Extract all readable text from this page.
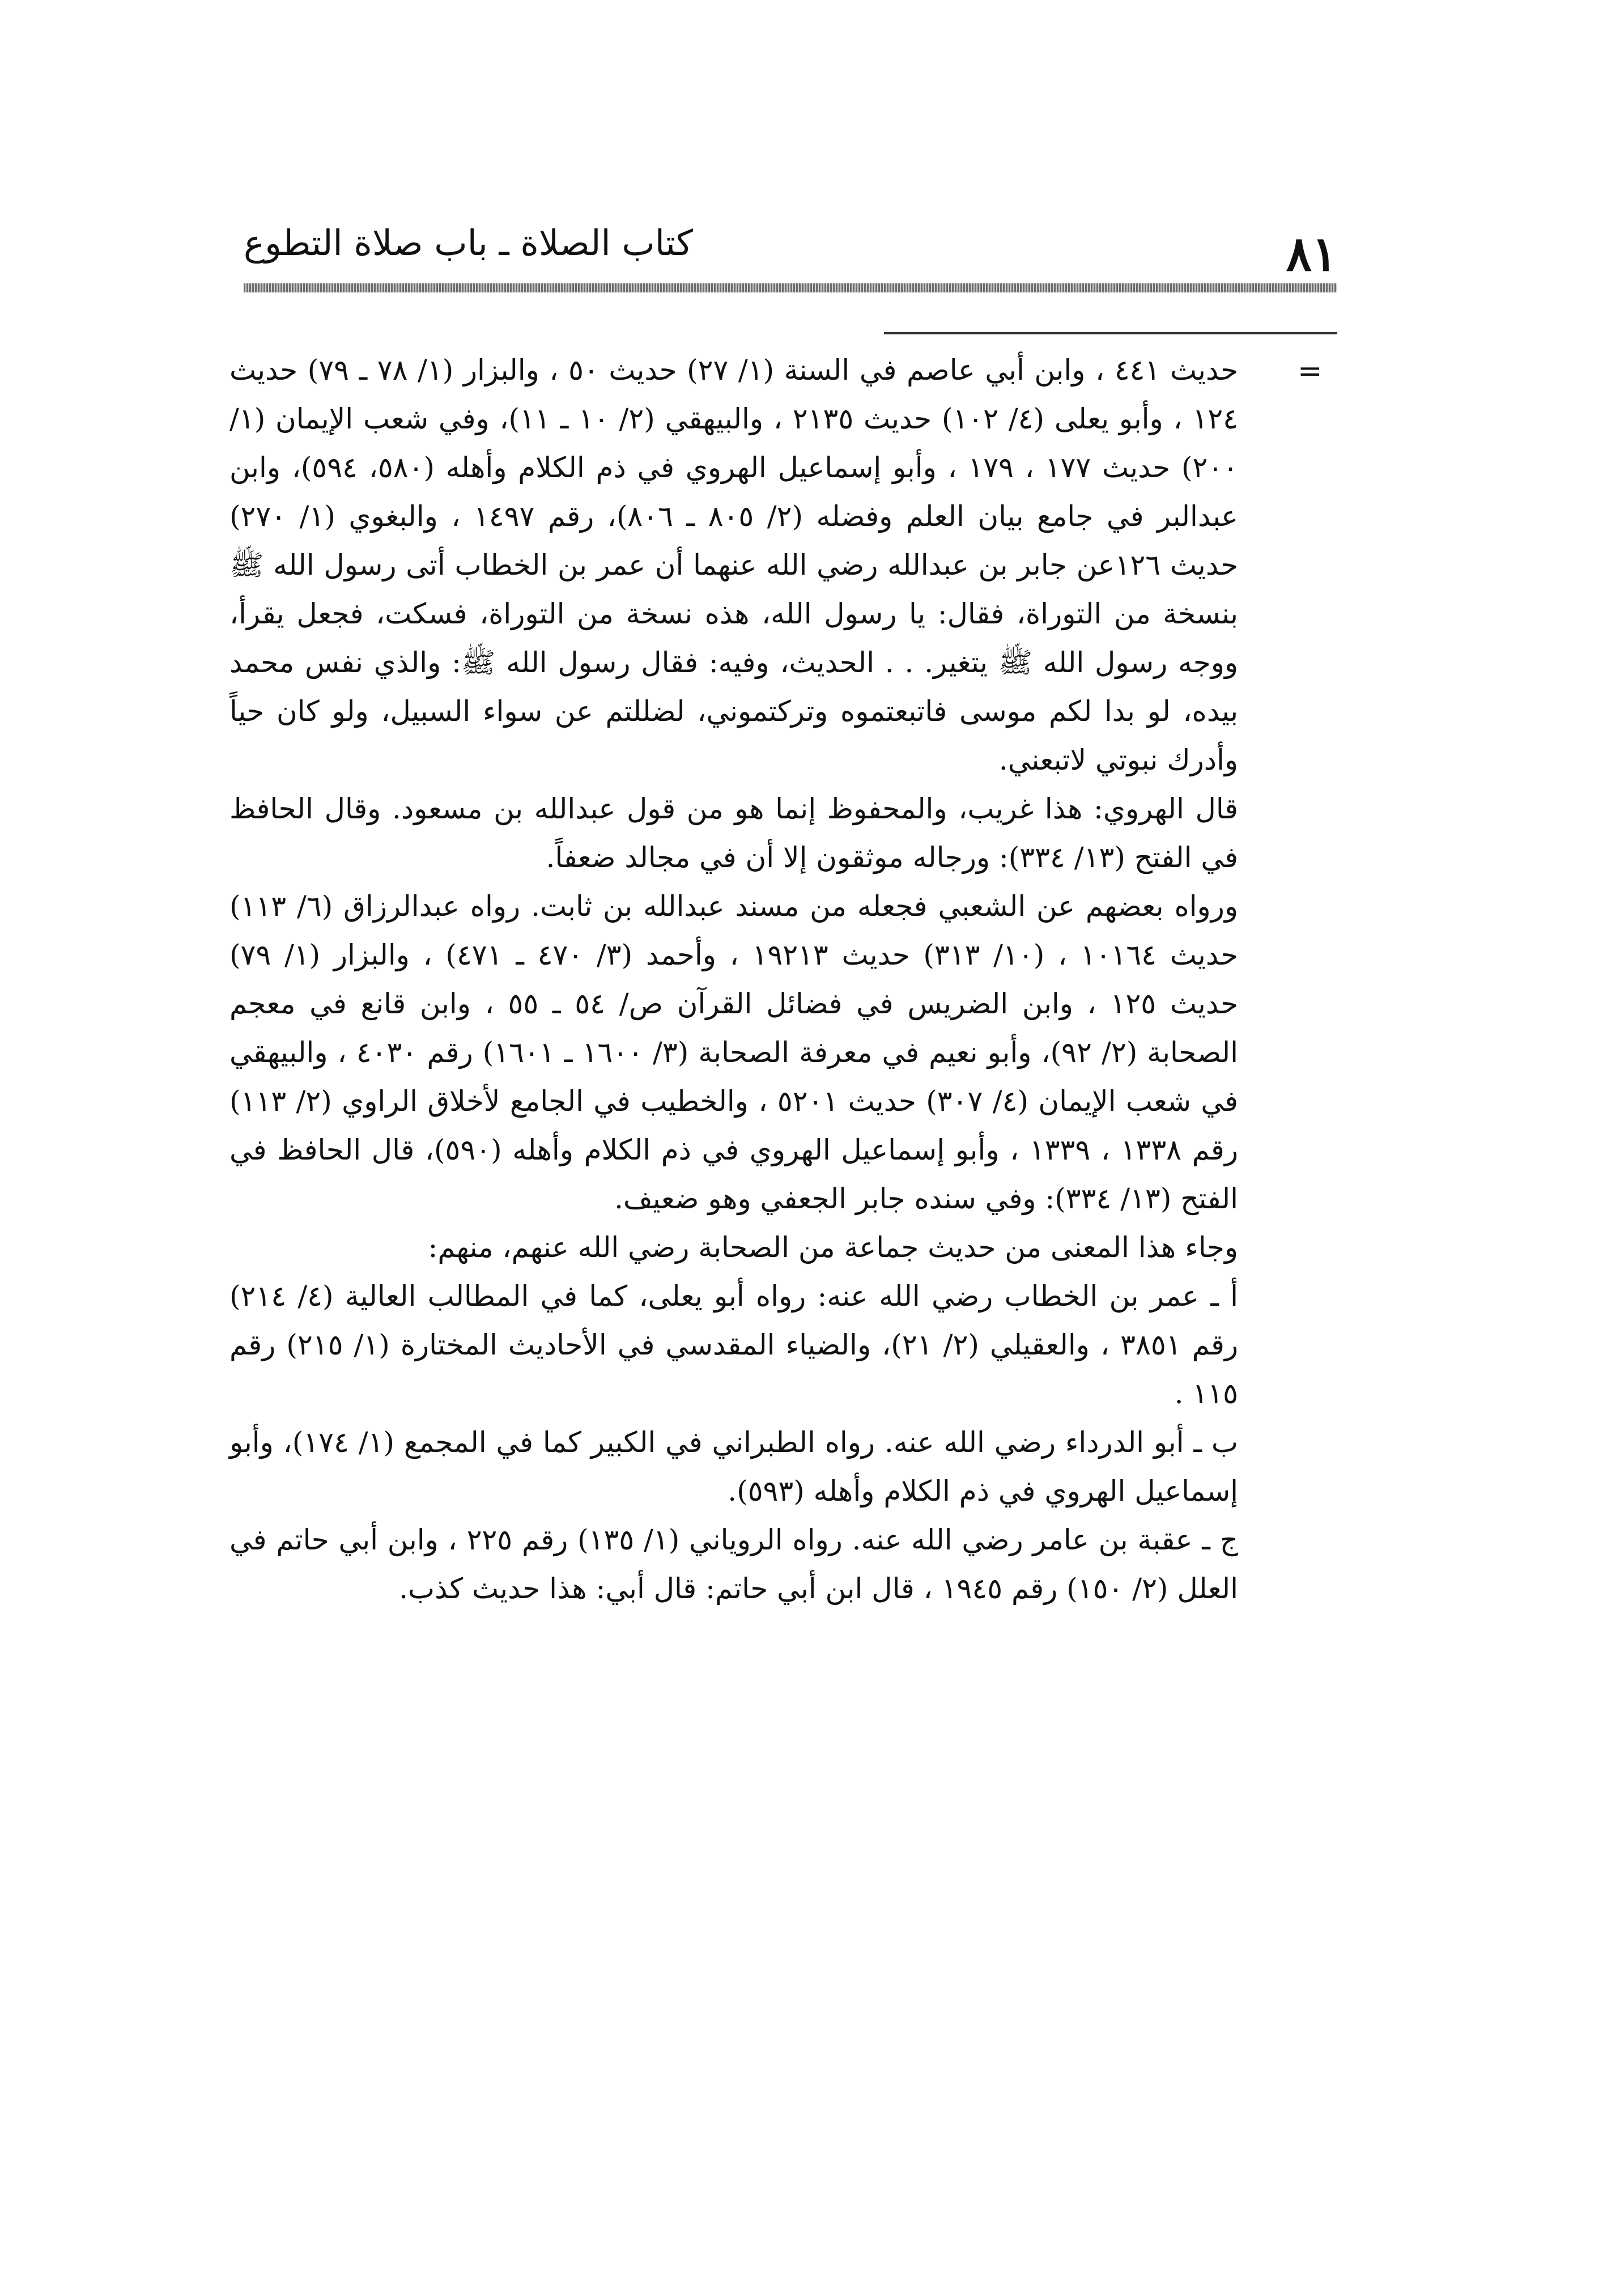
٨١
كتاب الصلاة ـ باب صلاة التطوع
=

حديث ٤٤١ ، وابن أبي عاصم في السنة (١/ ٢٧) حديث ٥٠ ، والبزار (١/ ٧٨ ـ ٧٩) حديث ١٢٤ ، وأبو يعلى (٤/ ١٠٢) حديث ٢١٣٥ ، والبيهقي (٢/ ١٠ ـ ١١)، وفي شعب الإيمان (١/ ٢٠٠) حديث ١٧٧ ، ١٧٩ ، وأبو إسماعيل الهروي في ذم الكلام وأهله (٥٨٠، ٥٩٤)، وابن عبدالبر في جامع بيان العلم وفضله (٢/ ٨٠٥ ـ ٨٠٦)، رقم ١٤٩٧ ، والبغوي (١/ ٢٧٠) حديث ١٢٦عن جابر بن عبدالله رضي الله عنهما أن عمر بن الخطاب أتى رسول الله ﷺ بنسخة من التوراة، فقال: يا رسول الله، هذه نسخة من التوراة، فسكت، فجعل يقرأ، ووجه رسول الله ﷺ يتغير. . . الحديث، وفيه: فقال رسول الله ﷺ: والذي نفس محمد بيده، لو بدا لكم موسى فاتبعتموه وتركتموني، لضللتم عن سواء السبيل، ولو كان حياً وأدرك نبوتي لاتبعني.

قال الهروي: هذا غريب، والمحفوظ إنما هو من قول عبدالله بن مسعود. وقال الحافظ في الفتح (١٣/ ٣٣٤): ورجاله موثقون إلا أن في مجالد ضعفاً.

ورواه بعضهم عن الشعبي فجعله من مسند عبدالله بن ثابت. رواه عبدالرزاق (٦/ ١١٣) حديث ١٠١٦٤ ، (١٠/ ٣١٣) حديث ١٩٢١٣ ، وأحمد (٣/ ٤٧٠ ـ ٤٧١) ، والبزار (١/ ٧٩) حديث ١٢٥ ، وابن الضريس في فضائل القرآن ص/ ٥٤ ـ ٥٥ ، وابن قانع في معجم الصحابة (٢/ ٩٢)، وأبو نعيم في معرفة الصحابة (٣/ ١٦٠٠ ـ ١٦٠١) رقم ٤٠٣٠ ، والبيهقي في شعب الإيمان (٤/ ٣٠٧) حديث ٥٢٠١ ، والخطيب في الجامع لأخلاق الراوي (٢/ ١١٣) رقم ١٣٣٨ ، ١٣٣٩ ، وأبو إسماعيل الهروي في ذم الكلام وأهله (٥٩٠)، قال الحافظ في الفتح (١٣/ ٣٣٤): وفي سنده جابر الجعفي وهو ضعيف.

وجاء هذا المعنى من حديث جماعة من الصحابة رضي الله عنهم، منهم:

أ ـ عمر بن الخطاب رضي الله عنه: رواه أبو يعلى، كما في المطالب العالية (٤/ ٢١٤) رقم ٣٨٥١ ، والعقيلي (٢/ ٢١)، والضياء المقدسي في الأحاديث المختارة (١/ ٢١٥) رقم ١١٥ .

ب ـ أبو الدرداء رضي الله عنه. رواه الطبراني في الكبير كما في المجمع (١/ ١٧٤)، وأبو إسماعيل الهروي في ذم الكلام وأهله (٥٩٣).

ج ـ عقبة بن عامر رضي الله عنه. رواه الروياني (١/ ١٣٥) رقم ٢٢٥ ، وابن أبي حاتم في العلل (٢/ ١٥٠) رقم ١٩٤٥ ، قال ابن أبي حاتم: قال أبي: هذا حديث كذب.
